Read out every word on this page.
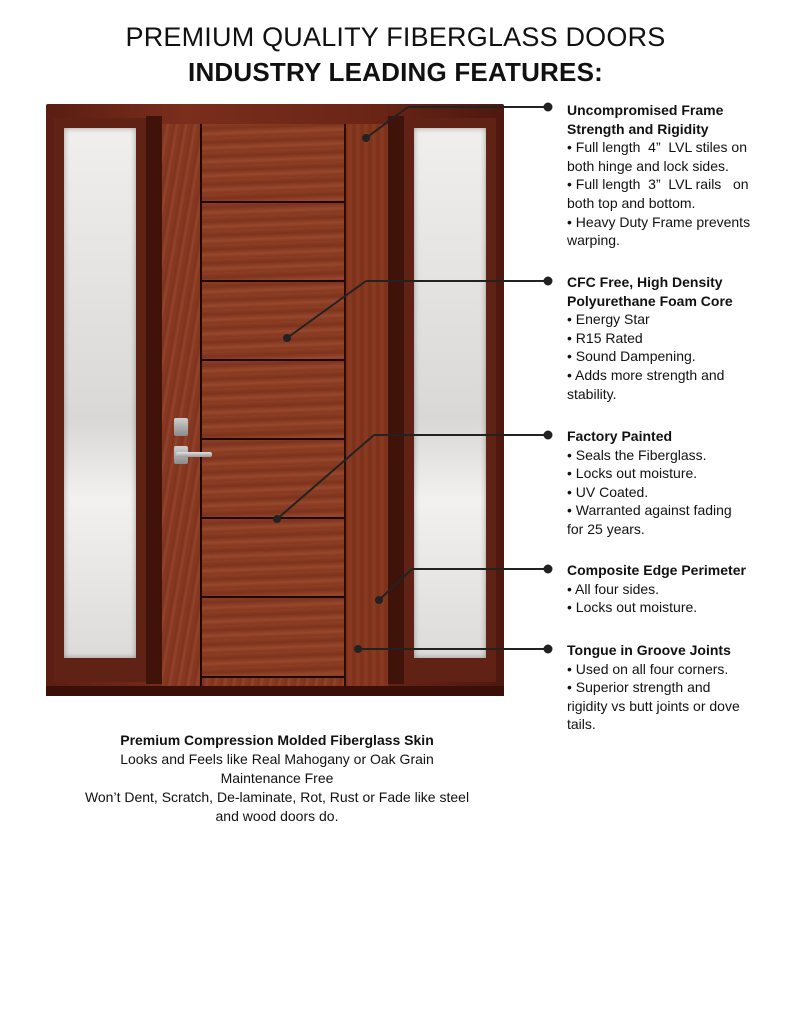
PREMIUM QUALITY FIBERGLASS DOORS
INDUSTRY LEADING FEATURES:
Uncompromised Frame
Strength and Rigidity
• Full length  4”  LVL stiles on
both hinge and lock sides.
• Full length  3”  LVL rails   on
both top and bottom.
• Heavy Duty Frame prevents
warping.
CFC Free, High Density
Polyurethane Foam Core
• Energy Star
• R15 Rated
• Sound Dampening.
• Adds more strength and
stability.
Factory Painted
• Seals the Fiberglass.
• Locks out moisture.
• UV Coated.
• Warranted against fading
for 25 years.
Composite Edge Perimeter
• All four sides.
• Locks out moisture.
Tongue in Groove Joints
• Used on all four corners.
• Superior strength and
rigidity vs butt joints or dove
tails.
Premium Compression Molded Fiberglass Skin
Looks and Feels like Real Mahogany or Oak Grain
Maintenance Free
Won’t Dent, Scratch, De-laminate, Rot, Rust or Fade like steel
and wood doors do.
